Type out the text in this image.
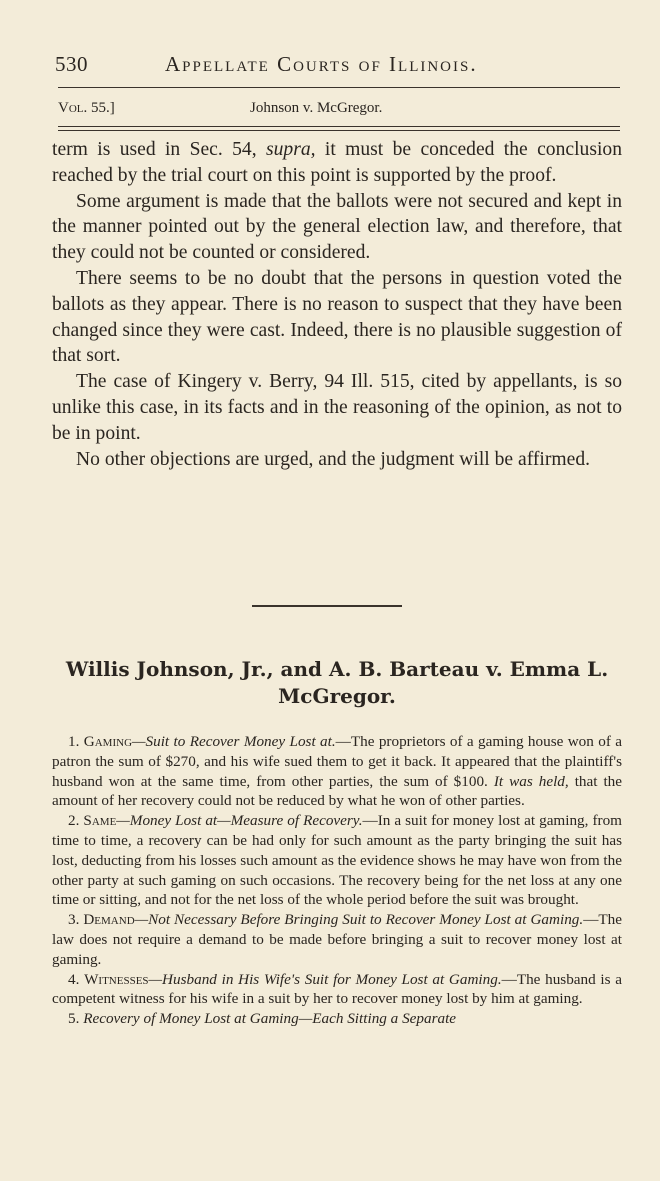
530	Appellate Courts of Illinois.
Vol. 55.]	Johnson v. McGregor.

term is used in Sec. 54, supra, it must be conceded the conclusion reached by the trial court on this point is supported by the proof.

Some argument is made that the ballots were not secured and kept in the manner pointed out by the general election law, and therefore, that they could not be counted or considered.

There seems to be no doubt that the persons in question voted the ballots as they appear. There is no reason to suspect that they have been changed since they were cast. Indeed, there is no plausible suggestion of that sort.

The case of Kingery v. Berry, 94 Ill. 515, cited by appellants, is so unlike this case, in its facts and in the reasoning of the opinion, as not to be in point.

No other objections are urged, and the judgment will be affirmed.

Willis Johnson, Jr., and A. B. Barteau v. Emma L. McGregor.

1. Gaming—Suit to Recover Money Lost at.—The proprietors of a gaming house won of a patron the sum of $270, and his wife sued them to get it back. It appeared that the plaintiff's husband won at the same time, from other parties, the sum of $100. It was held, that the amount of her recovery could not be reduced by what he won of other parties.

2. Same—Money Lost at—Measure of Recovery.—In a suit for money lost at gaming, from time to time, a recovery can be had only for such amount as the party bringing the suit has lost, deducting from his losses such amount as the evidence shows he may have won from the other party at such gaming on such occasions. The recovery being for the net loss at any one time or sitting, and not for the net loss of the whole period before the suit was brought.

3. Demand—Not Necessary Before Bringing Suit to Recover Money Lost at Gaming.—The law does not require a demand to be made before bringing a suit to recover money lost at gaming.

4. Witnesses—Husband in His Wife's Suit for Money Lost at Gaming.—The husband is a competent witness for his wife in a suit by her to recover money lost by him at gaming.

5. Recovery of Money Lost at Gaming—Each Sitting a Separate
